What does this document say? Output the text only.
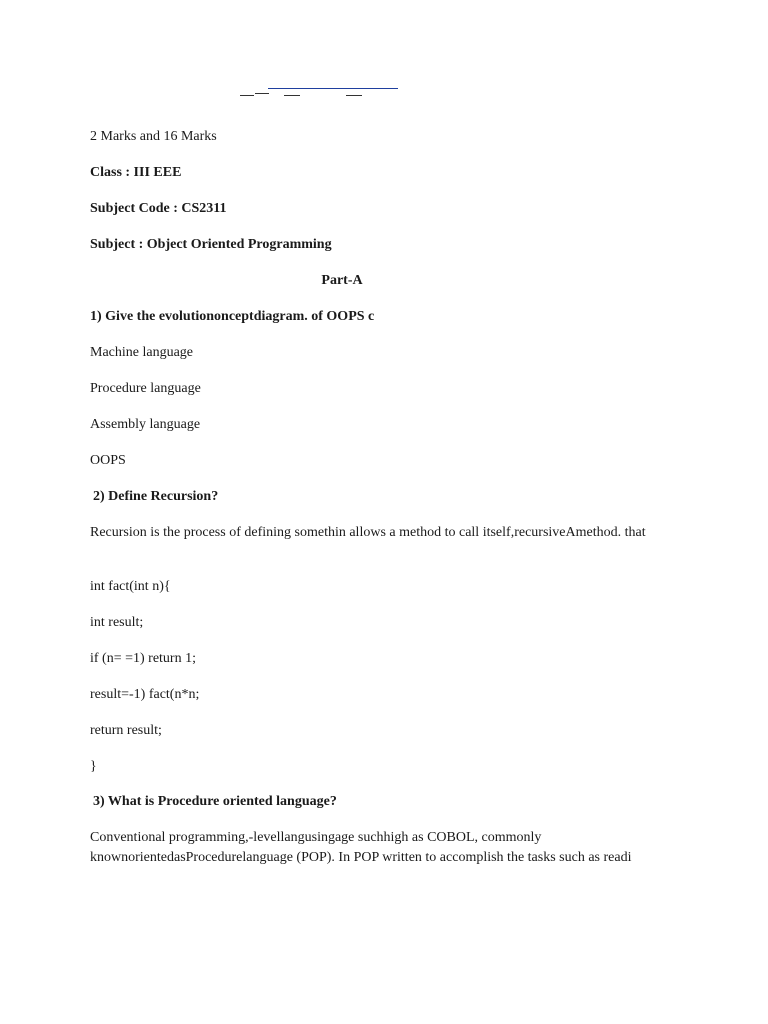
2 Marks and 16 Marks
Class : III EEE
Subject Code : CS2311
Subject : Object Oriented Programming
Part-A
1) Give the evolutiononceptdiagram. of OOPS c
Machine language
Procedure language
Assembly language
OOPS
2) Define Recursion?
Recursion is the process of defining somethin allows a method to call itself,recursiveAmethod. that
int fact(int n){
int result;
if (n= =1) return 1;
result=-1) fact(n*n;
return result;
}
3) What is Procedure oriented language?
Conventional programming,-levellangusingage suchhigh as COBOL, commonly
knownorientedasProcedurelanguage (POP). In POP written to accomplish the tasks such as readi
